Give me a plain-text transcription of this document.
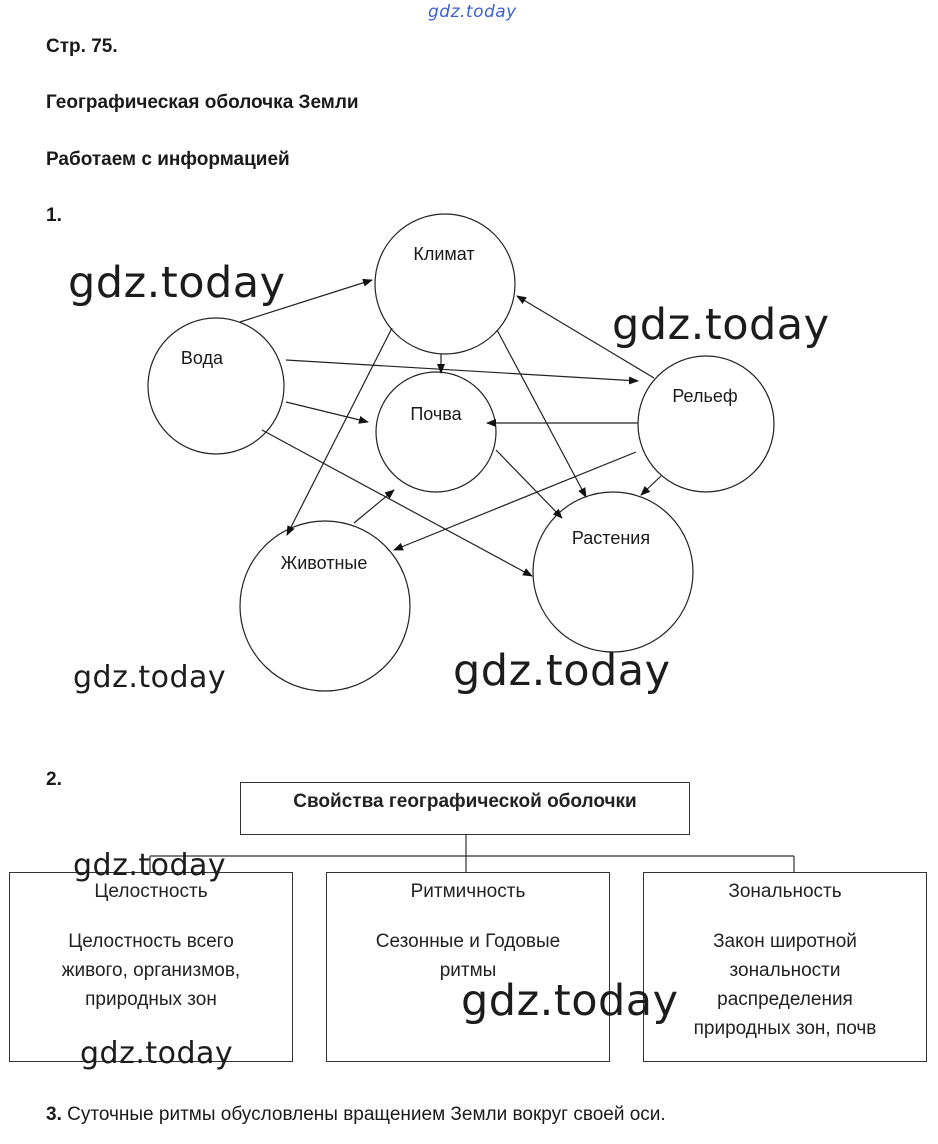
gdz.today
Стр. 75.
Географическая оболочка Земли
Работаем с информацией
1.
Климат
Вода
Почва
Рельеф
Животные
Растения
2.
Свойства географической оболочки
Целостность
Целостность всего
живого, организмов,
природных зон
Ритмичность
Сезонные и Годовые
ритмы
Зональность
Закон широтной
зональности
распределения
природных зон, почв
3. Суточные ритмы обусловлены вращением Земли вокруг своей оси.
gdz.today
gdz.today
gdz.today	gdz.today
gdz.today
gdz.today
gdz.today
